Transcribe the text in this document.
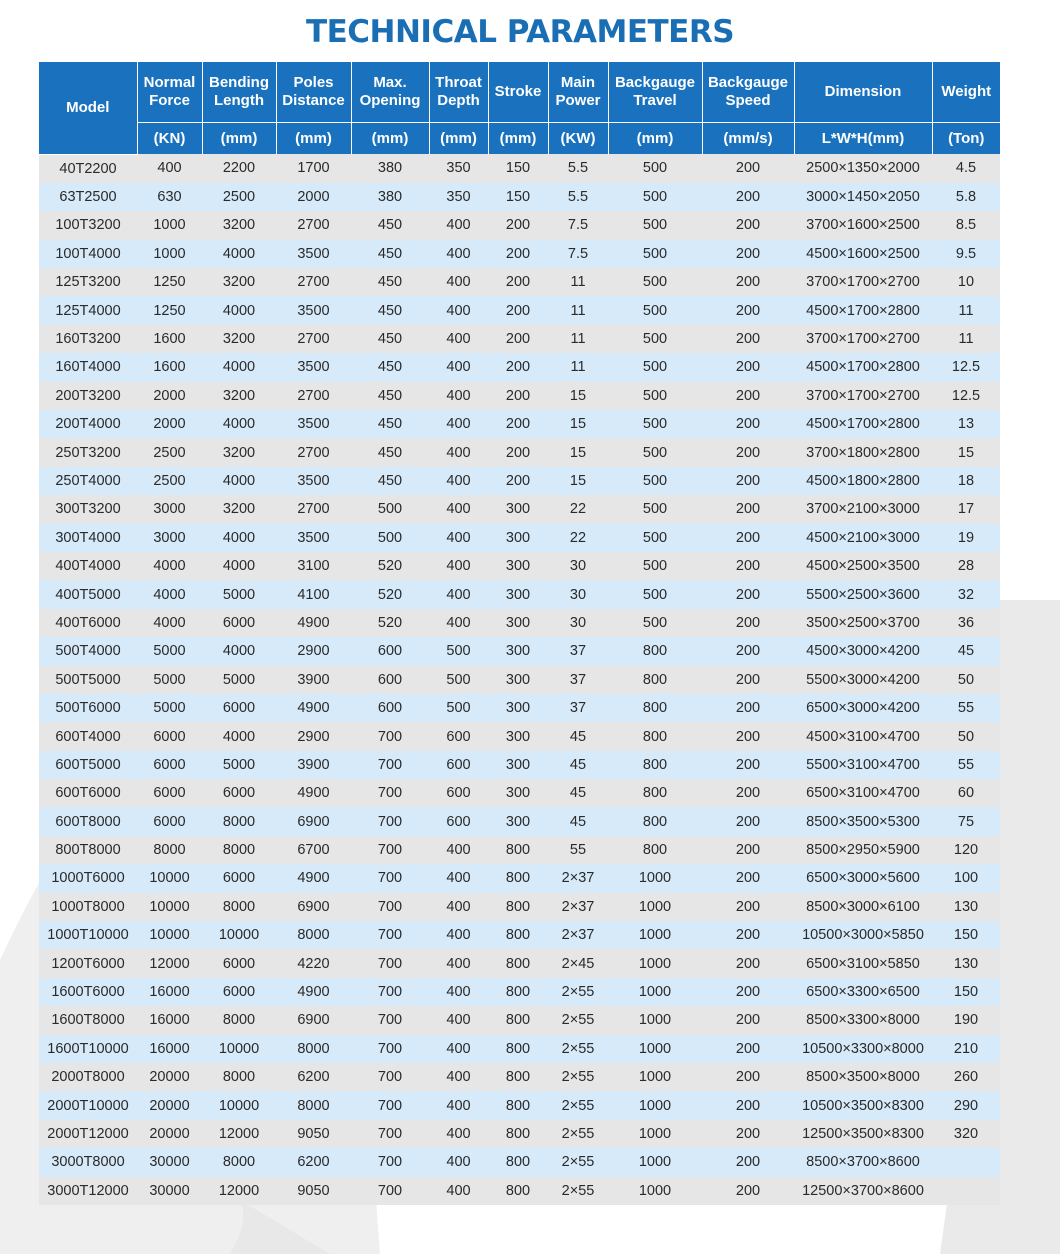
TECHNICAL PARAMETERS
Model	Normal Force	Bending Length	Poles Distance	Max. Opening	Throat Depth	Stroke	Main Power	Backgauge Travel	Backgauge Speed	Dimension	Weight
	(KN)	(mm)	(mm)	(mm)	(mm)	(mm)	(KW)	(mm)	(mm/s)	L*W*H(mm)	(Ton)
40T2200	400	2200	1700	380	350	150	5.5	500	200	2500×1350×2000	4.5
63T2500	630	2500	2000	380	350	150	5.5	500	200	3000×1450×2050	5.8
100T3200	1000	3200	2700	450	400	200	7.5	500	200	3700×1600×2500	8.5
100T4000	1000	4000	3500	450	400	200	7.5	500	200	4500×1600×2500	9.5
125T3200	1250	3200	2700	450	400	200	11	500	200	3700×1700×2700	10
125T4000	1250	4000	3500	450	400	200	11	500	200	4500×1700×2800	11
160T3200	1600	3200	2700	450	400	200	11	500	200	3700×1700×2700	11
160T4000	1600	4000	3500	450	400	200	11	500	200	4500×1700×2800	12.5
200T3200	2000	3200	2700	450	400	200	15	500	200	3700×1700×2700	12.5
200T4000	2000	4000	3500	450	400	200	15	500	200	4500×1700×2800	13
250T3200	2500	3200	2700	450	400	200	15	500	200	3700×1800×2800	15
250T4000	2500	4000	3500	450	400	200	15	500	200	4500×1800×2800	18
300T3200	3000	3200	2700	500	400	300	22	500	200	3700×2100×3000	17
300T4000	3000	4000	3500	500	400	300	22	500	200	4500×2100×3000	19
400T4000	4000	4000	3100	520	400	300	30	500	200	4500×2500×3500	28
400T5000	4000	5000	4100	520	400	300	30	500	200	5500×2500×3600	32
400T6000	4000	6000	4900	520	400	300	30	500	200	3500×2500×3700	36
500T4000	5000	4000	2900	600	500	300	37	800	200	4500×3000×4200	45
500T5000	5000	5000	3900	600	500	300	37	800	200	5500×3000×4200	50
500T6000	5000	6000	4900	600	500	300	37	800	200	6500×3000×4200	55
600T4000	6000	4000	2900	700	600	300	45	800	200	4500×3100×4700	50
600T5000	6000	5000	3900	700	600	300	45	800	200	5500×3100×4700	55
600T6000	6000	6000	4900	700	600	300	45	800	200	6500×3100×4700	60
600T8000	6000	8000	6900	700	600	300	45	800	200	8500×3500×5300	75
800T8000	8000	8000	6700	700	400	800	55	800	200	8500×2950×5900	120
1000T6000	10000	6000	4900	700	400	800	2×37	1000	200	6500×3000×5600	100
1000T8000	10000	8000	6900	700	400	800	2×37	1000	200	8500×3000×6100	130
1000T10000	10000	10000	8000	700	400	800	2×37	1000	200	10500×3000×5850	150
1200T6000	12000	6000	4220	700	400	800	2×45	1000	200	6500×3100×5850	130
1600T6000	16000	6000	4900	700	400	800	2×55	1000	200	6500×3300×6500	150
1600T8000	16000	8000	6900	700	400	800	2×55	1000	200	8500×3300×8000	190
1600T10000	16000	10000	8000	700	400	800	2×55	1000	200	10500×3300×8000	210
2000T8000	20000	8000	6200	700	400	800	2×55	1000	200	8500×3500×8000	260
2000T10000	20000	10000	8000	700	400	800	2×55	1000	200	10500×3500×8300	290
2000T12000	20000	12000	9050	700	400	800	2×55	1000	200	12500×3500×8300	320
3000T8000	30000	8000	6200	700	400	800	2×55	1000	200	8500×3700×8600	
3000T12000	30000	12000	9050	700	400	800	2×55	1000	200	12500×3700×8600	
